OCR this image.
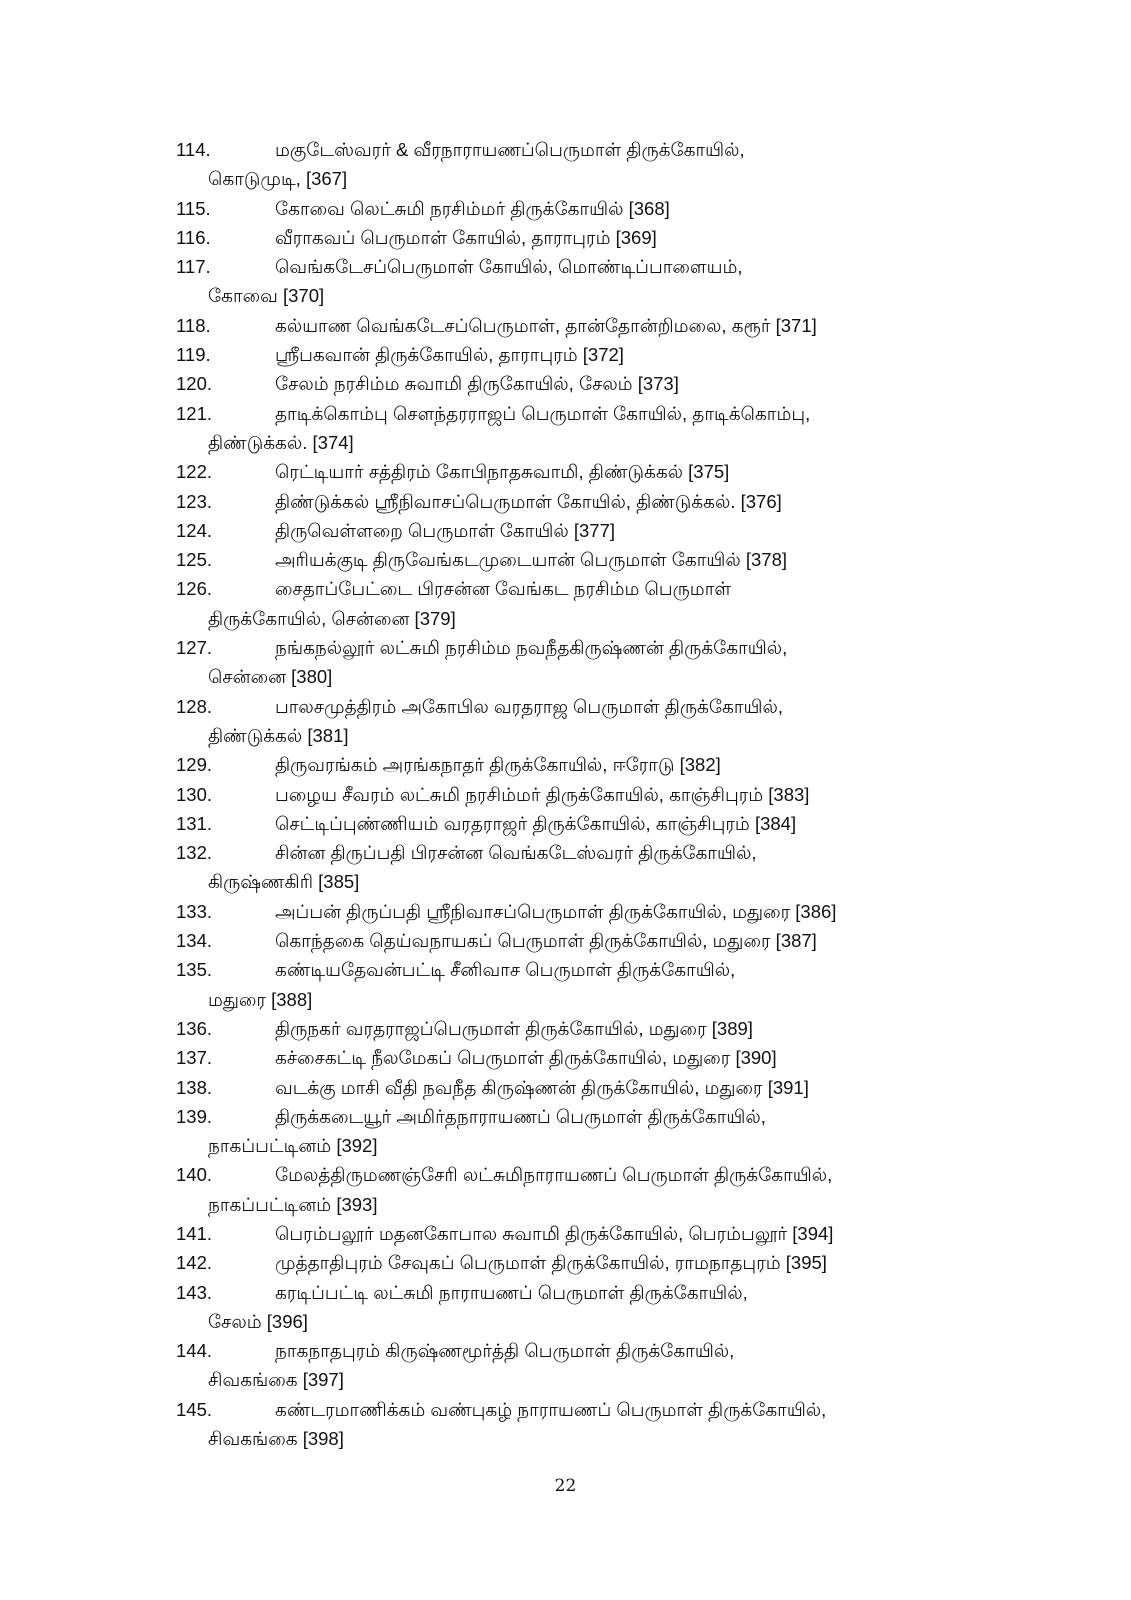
114.	மகுடேஸ்வரர் & வீரநாராயணப்பெருமாள் திருக்கோயில்,
கொடுமுடி, [367]
115.	கோவை லெட்சுமி நரசிம்மர் திருக்கோயில் [368]
116.	வீராகவப் பெருமாள் கோயில், தாராபுரம் [369]
117.	வெங்கடேசப்பெருமாள் கோயில், மொண்டிப்பாளையம்,
கோவை [370]
118.	கல்யாண வெங்கடேசப்பெருமாள், தான்தோன்றிமலை, கரூர் [371]
119.	ஸ்ரீபகவான் திருக்கோயில், தாராபுரம் [372]
120.	சேலம் நரசிம்ம சுவாமி திருகோயில், சேலம் [373]
121.	தாடிக்கொம்பு சௌந்தரராஜப் பெருமாள் கோயில், தாடிக்கொம்பு,
திண்டுக்கல். [374]
122.	ரெட்டியார் சத்திரம் கோபிநாதசுவாமி, திண்டுக்கல் [375]
123.	திண்டுக்கல் ஸ்ரீநிவாசப்பெருமாள் கோயில், திண்டுக்கல். [376]
124.	திருவெள்ளறை பெருமாள் கோயில் [377]
125.	அரியக்குடி திருவேங்கடமுடையான் பெருமாள் கோயில் [378]
126.	சைதாப்பேட்டை பிரசன்ன வேங்கட நரசிம்ம பெருமாள்
திருக்கோயில், சென்னை [379]
127.	நங்கநல்லூர் லட்சுமி நரசிம்ம நவநீதகிருஷ்ணன் திருக்கோயில்,
சென்னை [380]
128.	பாலசமுத்திரம் அகோபில வரதராஜ பெருமாள் திருக்கோயில்,
திண்டுக்கல் [381]
129.	திருவரங்கம் அரங்கநாதர் திருக்கோயில், ஈரோடு [382]
130.	பழைய சீவரம் லட்சுமி நரசிம்மர் திருக்கோயில், காஞ்சிபுரம் [383]
131.	செட்டிப்புண்ணியம் வரதராஜர் திருக்கோயில், காஞ்சிபுரம் [384]
132.	சின்ன திருப்பதி பிரசன்ன வெங்கடேஸ்வரர் திருக்கோயில்,
கிருஷ்ணகிரி [385]
133.	அப்பன் திருப்பதி ஸ்ரீநிவாசப்பெருமாள் திருக்கோயில், மதுரை [386]
134.	கொந்தகை தெய்வநாயகப் பெருமாள் திருக்கோயில், மதுரை [387]
135.	கண்டியதேவன்பட்டி சீனிவாச பெருமாள் திருக்கோயில்,
மதுரை [388]
136.	திருநகர் வரதராஜப்பெருமாள் திருக்கோயில், மதுரை [389]
137.	கச்சைகட்டி நீலமேகப் பெருமாள் திருக்கோயில், மதுரை [390]
138.	வடக்கு மாசி வீதி நவநீத கிருஷ்ணன் திருக்கோயில், மதுரை [391]
139.	திருக்கடையூர் அமிர்தநாராயணப் பெருமாள் திருக்கோயில்,
நாகப்பட்டினம் [392]
140.	மேலத்திருமணஞ்சேரி லட்சுமிநாராயணப் பெருமாள் திருக்கோயில்,
நாகப்பட்டினம் [393]
141.	பெரம்பலூர் மதனகோபால சுவாமி திருக்கோயில், பெரம்பலூர் [394]
142.	முத்தாதிபுரம் சேவுகப் பெருமாள் திருக்கோயில், ராமநாதபுரம் [395]
143.	கரடிப்பட்டி லட்சுமி நாராயணப் பெருமாள் திருக்கோயில்,
சேலம் [396]
144.	நாகநாதபுரம் கிருஷ்ணமூர்த்தி பெருமாள் திருக்கோயில்,
சிவகங்கை [397]
145.	கண்டரமாணிக்கம் வண்புகழ் நாராயணப் பெருமாள் திருக்கோயில்,
சிவகங்கை [398]
22
